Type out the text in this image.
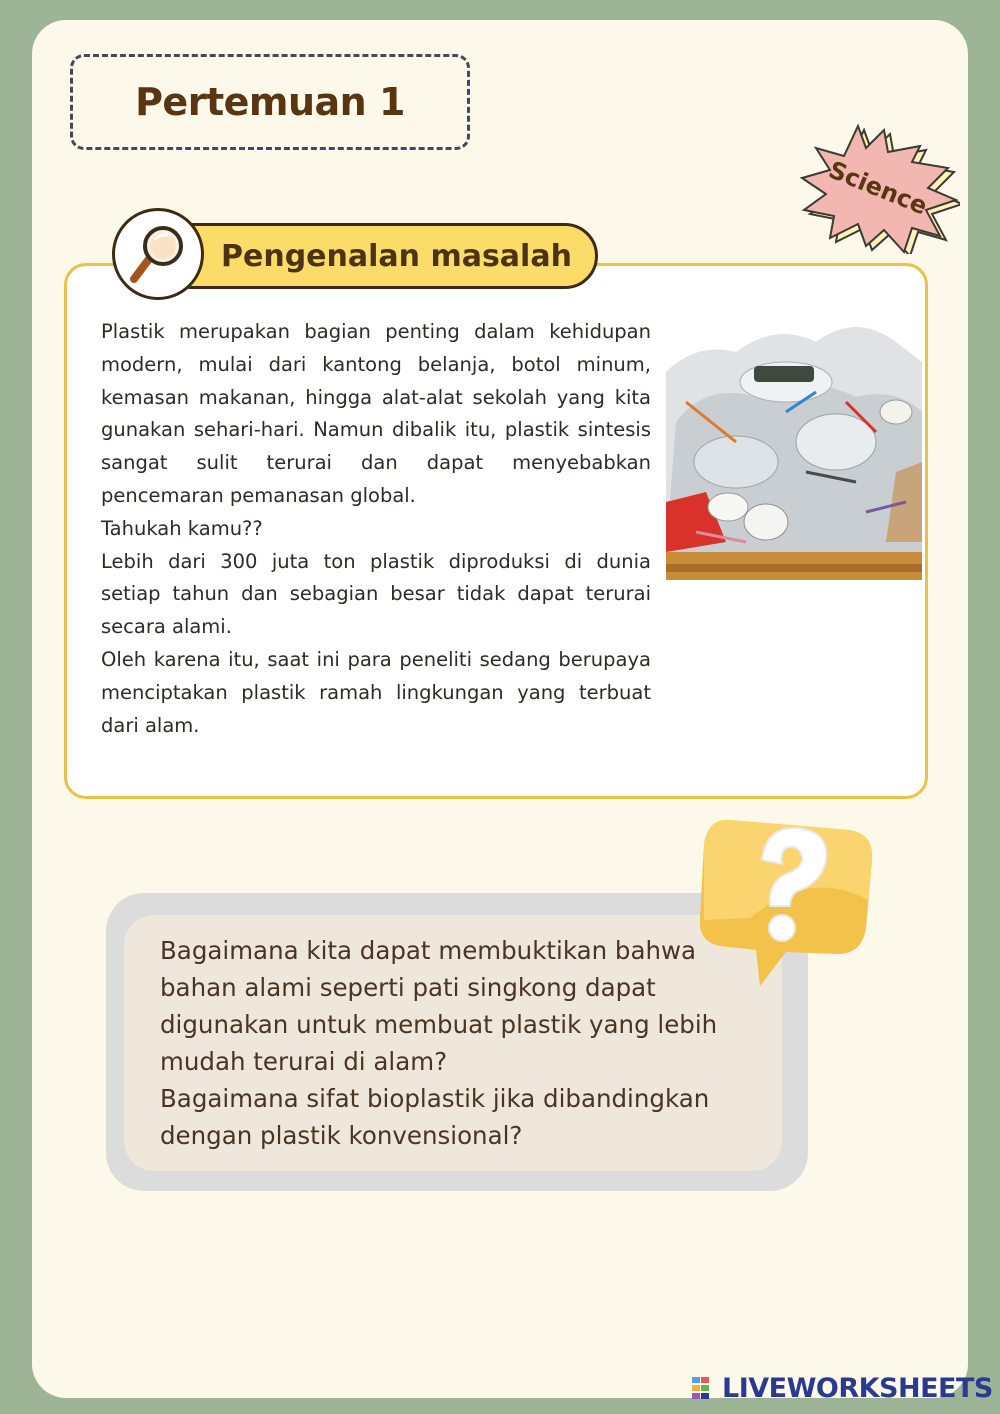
Pertemuan 1
Science
Pengenalan masalah

Plastik merupakan bagian penting dalam kehidupan modern, mulai dari kantong belanja, botol minum, kemasan makanan, hingga alat-alat sekolah yang kita gunakan sehari-hari. Namun dibalik itu, plastik sintesis sangat sulit terurai dan dapat menyebabkan pencemaran pemanasan global.

Tahukah kamu??

Lebih dari 300 juta ton plastik diproduksi di dunia setiap tahun dan sebagian besar tidak dapat terurai secara alami.

Oleh karena itu, saat ini para peneliti sedang berupaya menciptakan plastik ramah lingkungan yang terbuat dari alam.

Bagaimana kita dapat membuktikan bahwa bahan alami seperti pati singkong dapat digunakan untuk membuat plastik yang lebih mudah terurai di alam?

Bagaimana sifat bioplastik jika dibandingkan dengan plastik konvensional?

LIVEWORKSHEETS
